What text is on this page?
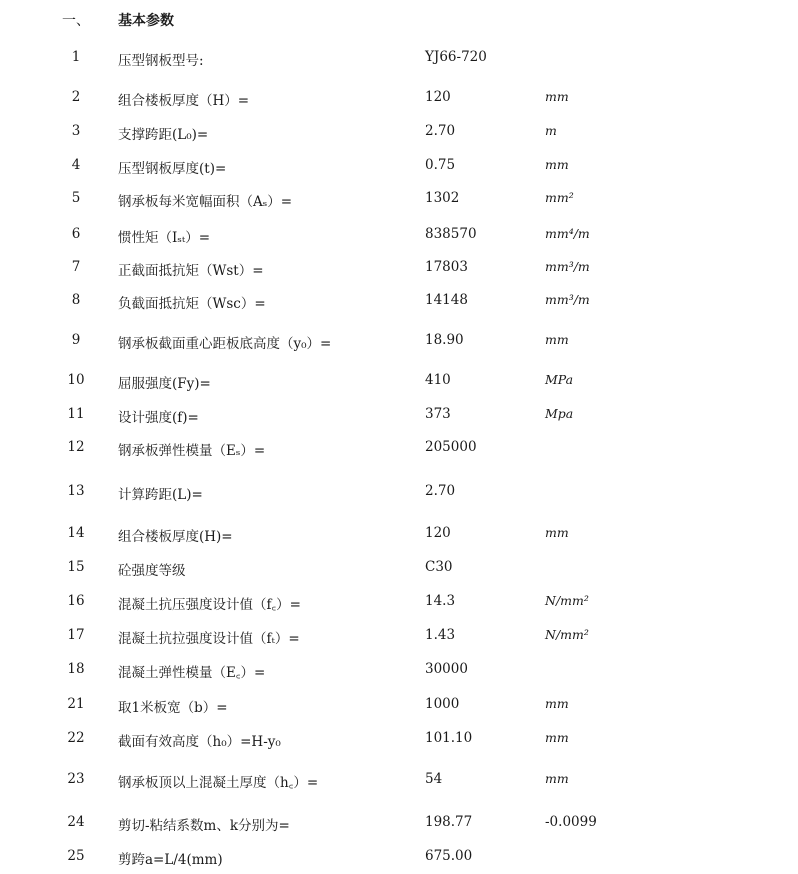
一、 基本参数
1	压型钢板型号:	YJ66-720
2	组合楼板厚度（H）=	120	mm
3	支撑跨距(L₀)=	2.70	m
4	压型钢板厚度(t)=	0.75	mm
5	钢承板每米宽幅面积（Aₛ）=	1302	mm²
6	惯性矩（Iₛₜ）=	838570	mm⁴/m
7	正截面抵抗矩（Wst）=	17803	mm³/m
8	负截面抵抗矩（Wsc）=	14148	mm³/m
9	钢承板截面重心距板底高度（y₀）=	18.90	mm
10	屈服强度(Fy)=	410	MPa
11	设计强度(f)=	373	Mpa
12	钢承板弹性模量（Eₛ）=	205000
13	计算跨距(L)=	2.70
14	组合楼板厚度(H)=	120	mm
15	砼强度等级	C30
16	混凝土抗压强度设计值（f꜀）=	14.3	N/mm²
17	混凝土抗拉强度设计值（fₜ）=	1.43	N/mm²
18	混凝土弹性模量（E꜀）=	30000
21	取1米板宽（b）=	1000	mm
22	截面有效高度（h₀）=H-y₀	101.10	mm
23	钢承板顶以上混凝土厚度（h꜀）=	54	mm
24	剪切-粘结系数m、k分别为=	198.77	-0.0099
25	剪跨a=L/4(mm)	675.00
